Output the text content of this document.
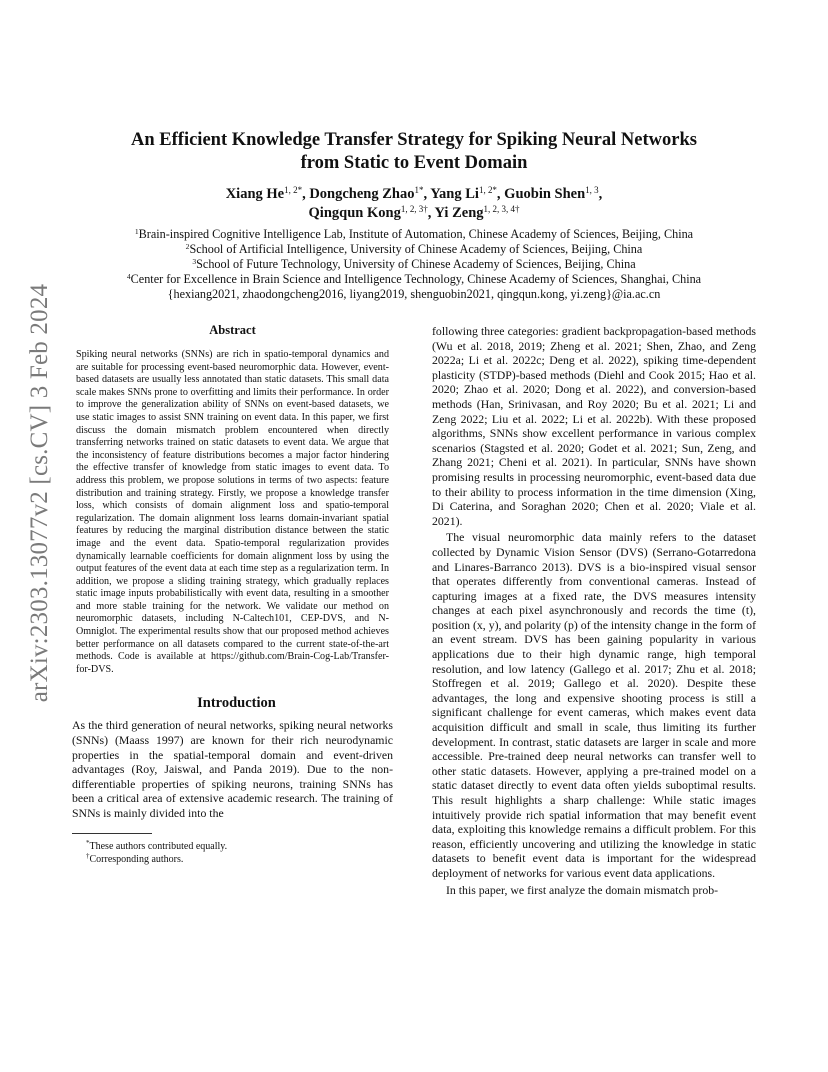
arXiv:2303.13077v2 [cs.CV] 3 Feb 2024
An Efficient Knowledge Transfer Strategy for Spiking Neural Networks
from Static to Event Domain
Xiang $He^{1, 2*}$, Dongcheng Zhao$^{1*}$, Yang $Li^{1, 2*}$, Guobin Shen$^{1, 3}$,
Qingqun Kong$^{1, 2, 3\dagger}$, Yi Zeng$^{1, 2, 3, 4\dagger}$
$^1$Brain-inspired Cognitive Intelligence Lab, Institute of Automation, Chinese Academy of Sciences, Beijing, China
$^2$School of Artificial Intelligence, University of Chinese Academy of Sciences, Beijing, China
$^3$School of Future Technology, University of Chinese Academy of Sciences, Beijing, China
$^4$Center for Excellence in Brain Science and Intelligence Technology, Chinese Academy of Sciences, Shanghai, China
{hexiang2021, zhaodongcheng2016, liyang2019, shenguobin2021, qingqun.kong, yi.zeng}@ia.ac.cn
Abstract

Spiking neural networks (SNNs) are rich in spatio-temporal dynamics and are suitable for processing event-based neuromorphic data. However, event-based datasets are usually less annotated than static datasets. This small data scale makes SNNs prone to overfitting and limits their performance. In order to improve the generalization ability of SNNs on event-based datasets, we use static images to assist SNN training on event data. In this paper, we first discuss the domain mismatch problem encountered when directly transferring networks trained on static datasets to event data. We argue that the inconsistency of feature distributions becomes a major factor hindering the effective transfer of knowledge from static images to event data. To address this problem, we propose solutions in terms of two aspects: feature distribution and training strategy. Firstly, we propose a knowledge transfer loss, which consists of domain alignment loss and spatio-temporal regularization. The domain alignment loss learns domain-invariant spatial features by reducing the marginal distribution distance between the static image and the event data. Spatio-temporal regularization provides dynamically learnable coefficients for domain alignment loss by using the output features of the event data at each time step as a regularization term. In addition, we propose a sliding training strategy, which gradually replaces static image inputs probabilistically with event data, resulting in a smoother and more stable training for the network. We validate our method on neuromorphic datasets, including N-Caltech101, CEP-DVS, and N-Omniglot. The experimental results show that our proposed method achieves better performance on all datasets compared to the current state-of-the-art methods. Code is available at https://github.com/Brain-Cog-Lab/Transfer-for-DVS.

Introduction

As the third generation of neural networks, spiking neural networks (SNNs) (Maass 1997) are known for their rich neurodynamic properties in the spatial-temporal domain and event-driven advantages (Roy, Jaiswal, and Panda 2019). Due to the non-differentiable properties of spiking neurons, training SNNs has been a critical area of extensive academic research. The training of SNNs is mainly divided into the

*These authors contributed equally.
†Corresponding authors.

following three categories: gradient backpropagation-based methods (Wu et al. 2018, 2019; Zheng et al. 2021; Shen, Zhao, and Zeng 2022a; Li et al. 2022c; Deng et al. 2022), spiking time-dependent plasticity (STDP)-based methods (Diehl and Cook 2015; Hao et al. 2020; Zhao et al. 2020; Dong et al. 2022), and conversion-based methods (Han, Srinivasan, and Roy 2020; Bu et al. 2021; Li and Zeng 2022; Liu et al. 2022; Li et al. 2022b). With these proposed algorithms, SNNs show excellent performance in various complex scenarios (Stagsted et al. 2020; Godet et al. 2021; Sun, Zeng, and Zhang 2021; Cheni et al. 2021). In particular, SNNs have shown promising results in processing neuromorphic, event-based data due to their ability to process information in the time dimension (Xing, Di Caterina, and Soraghan 2020; Chen et al. 2020; Viale et al. 2021).

The visual neuromorphic data mainly refers to the dataset collected by Dynamic Vision Sensor (DVS) (Serrano-Gotarredona and Linares-Barranco 2013). DVS is a bio-inspired visual sensor that operates differently from conventional cameras. Instead of capturing images at a fixed rate, the DVS measures intensity changes at each pixel asynchronously and records the time (t), position (x, y), and polarity (p) of the intensity change in the form of an event stream. DVS has been gaining popularity in various applications due to their high dynamic range, high temporal resolution, and low latency (Gallego et al. 2017; Zhu et al. 2018; Stoffregen et al. 2019; Gallego et al. 2020). Despite these advantages, the long and expensive shooting process is still a significant challenge for event cameras, which makes event data acquisition difficult and small in scale, thus limiting its further development. In contrast, static datasets are larger in scale and more accessible. Pre-trained deep neural networks can transfer well to other static datasets. However, applying a pre-trained model on a static dataset directly to event data often yields suboptimal results. This result highlights a sharp challenge: While static images intuitively provide rich spatial information that may benefit event data, exploiting this knowledge remains a difficult problem. For this reason, efficiently uncovering and utilizing the knowledge in static datasets to benefit event data is important for the widespread deployment of networks for various event data applications.

In this paper, we first analyze the domain mismatch prob-
